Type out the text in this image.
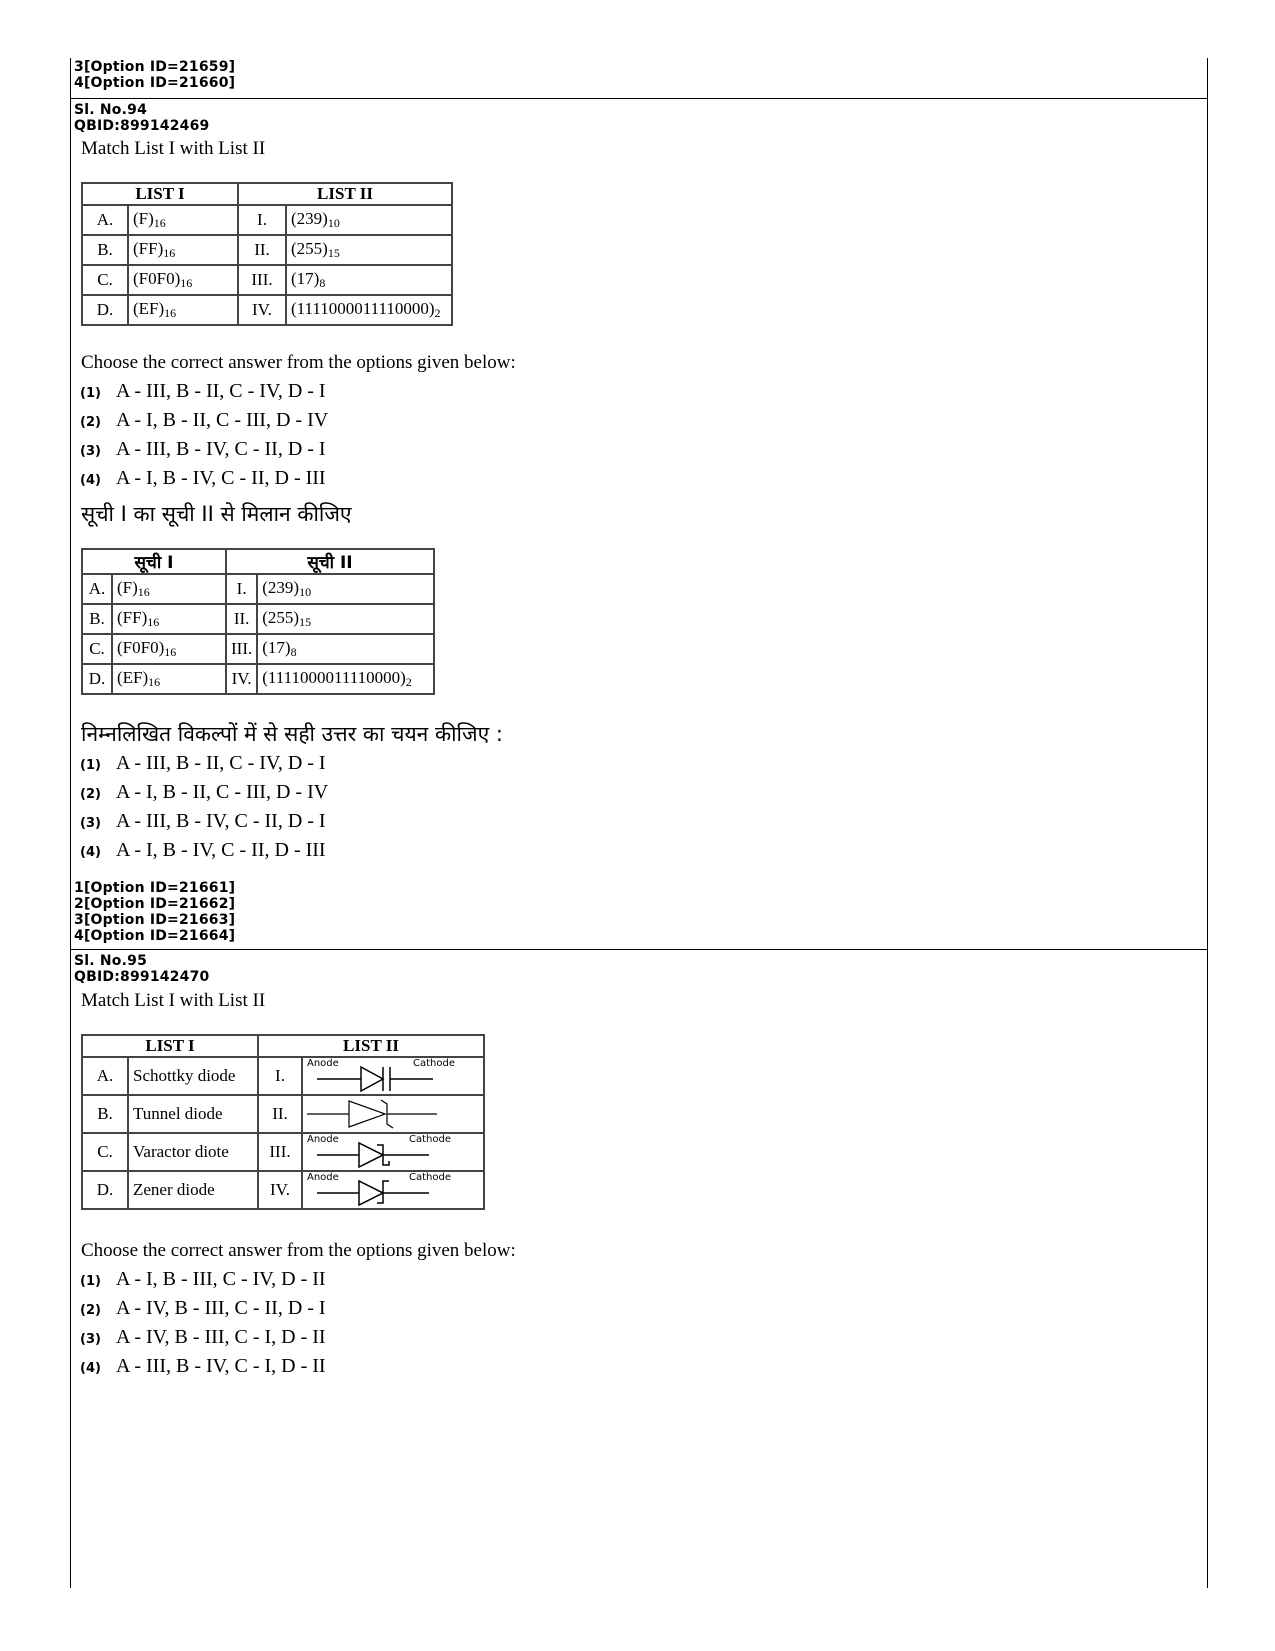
3[Option ID=21659]
4[Option ID=21660]
Sl. No.94
QBID:899142469
Match List I with List II
LIST I		LIST II	
A.	$(F)_{16}$	I.	$(239)_{10}$
B.	$(FF)_{16}$	II.	$(255)_{15}$
C.	$(F0F0)_{16}$	III.	$(17)_8$
D.	$(EF)_{16}$	IV.	$(1111000011110000)_2$
Choose the correct answer from the options given below:
(1) A - III, B - II, C - IV, D - I
(2) A - I, B - II, C - III, D - IV
(3) A - III, B - IV, C - II, D - I
(4) A - I, B - IV, C - II, D - III
सूची I का सूची II से मिलान कीजिए
सूची I		सूची II	
A.	$(F)_{16}$	I.	$(239)_{10}$
B.	$(FF)_{16}$	II.	$(255)_{15}$
C.	$(F0F0)_{16}$	III.	$(17)_8$
D.	$(EF)_{16}$	IV.	$(1111000011110000)_2$
निम्नलिखित विकल्पों में से सही उत्तर का चयन कीजिए :
(1) A - III, B - II, C - IV, D - I
(2) A - I, B - II, C - III, D - IV
(3) A - III, B - IV, C - II, D - I
(4) A - I, B - IV, C - II, D - III
1[Option ID=21661]
2[Option ID=21662]
3[Option ID=21663]
4[Option ID=21664]
Sl. No.95
QBID:899142470
Match List I with List II
LIST I		LIST II	
A.	Schottky diode	I.	Anode Cathode

B.	Tunnel diode	II.	

C.	Varactor diote	III.	Anode Cathode

D.	Zener diode	IV.	Anode Cathode
Choose the correct answer from the options given below:
(1) A - I, B - III, C - IV, D - II
(2) A - IV, B - III, C - II, D - I
(3) A - IV, B - III, C - I, D - II
(4) A - III, B - IV, C - I, D - II
